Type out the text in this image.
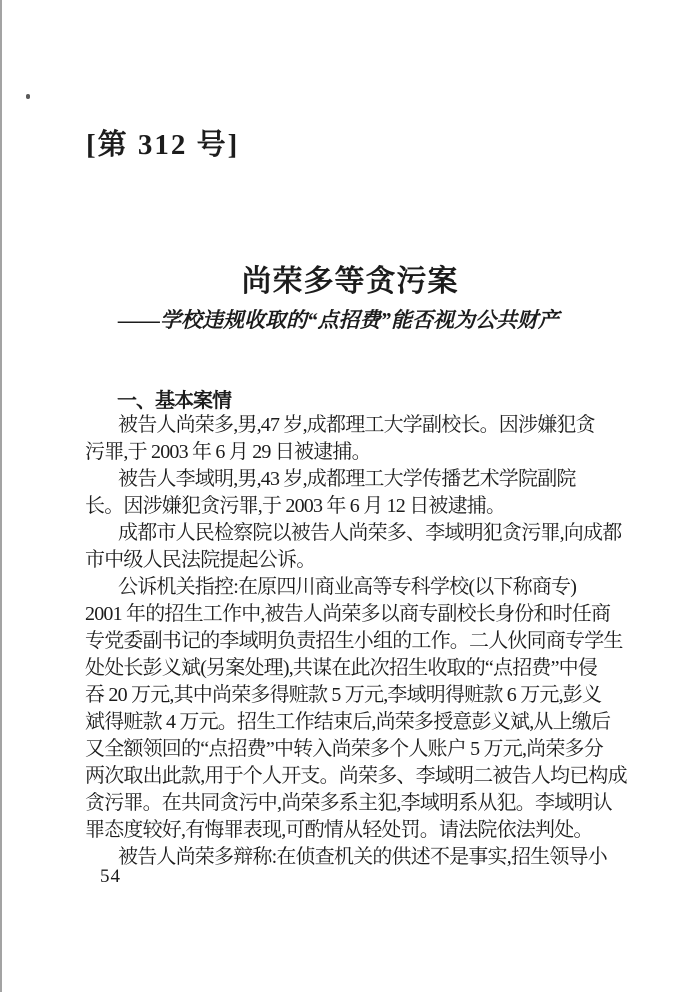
[第 312 号]
尚荣多等贪污案
——学校违规收取的“点招费”能否视为公共财产
一、基本案情
被告人尚荣多,男,47 岁,成都理工大学副校长。因涉嫌犯贪
污罪,于 2003 年 6 月 29 日被逮捕。
被告人李域明,男,43 岁,成都理工大学传播艺术学院副院
长。因涉嫌犯贪污罪,于 2003 年 6 月 12 日被逮捕。
成都市人民检察院以被告人尚荣多、李域明犯贪污罪,向成都
市中级人民法院提起公诉。
公诉机关指控:在原四川商业高等专科学校(以下称商专)
2001 年的招生工作中,被告人尚荣多以商专副校长身份和时任商
专党委副书记的李域明负责招生小组的工作。二人伙同商专学生
处处长彭义斌(另案处理),共谋在此次招生收取的“点招费”中侵
吞 20 万元,其中尚荣多得赃款 5 万元,李域明得赃款 6 万元,彭义
斌得赃款 4 万元。招生工作结束后,尚荣多授意彭义斌,从上缴后
又全额领回的“点招费”中转入尚荣多个人账户 5 万元,尚荣多分
两次取出此款,用于个人开支。尚荣多、李域明二被告人均已构成
贪污罪。在共同贪污中,尚荣多系主犯,李域明系从犯。李域明认
罪态度较好,有悔罪表现,可酌情从轻处罚。请法院依法判处。
被告人尚荣多辩称:在侦查机关的供述不是事实,招生领导小
54
